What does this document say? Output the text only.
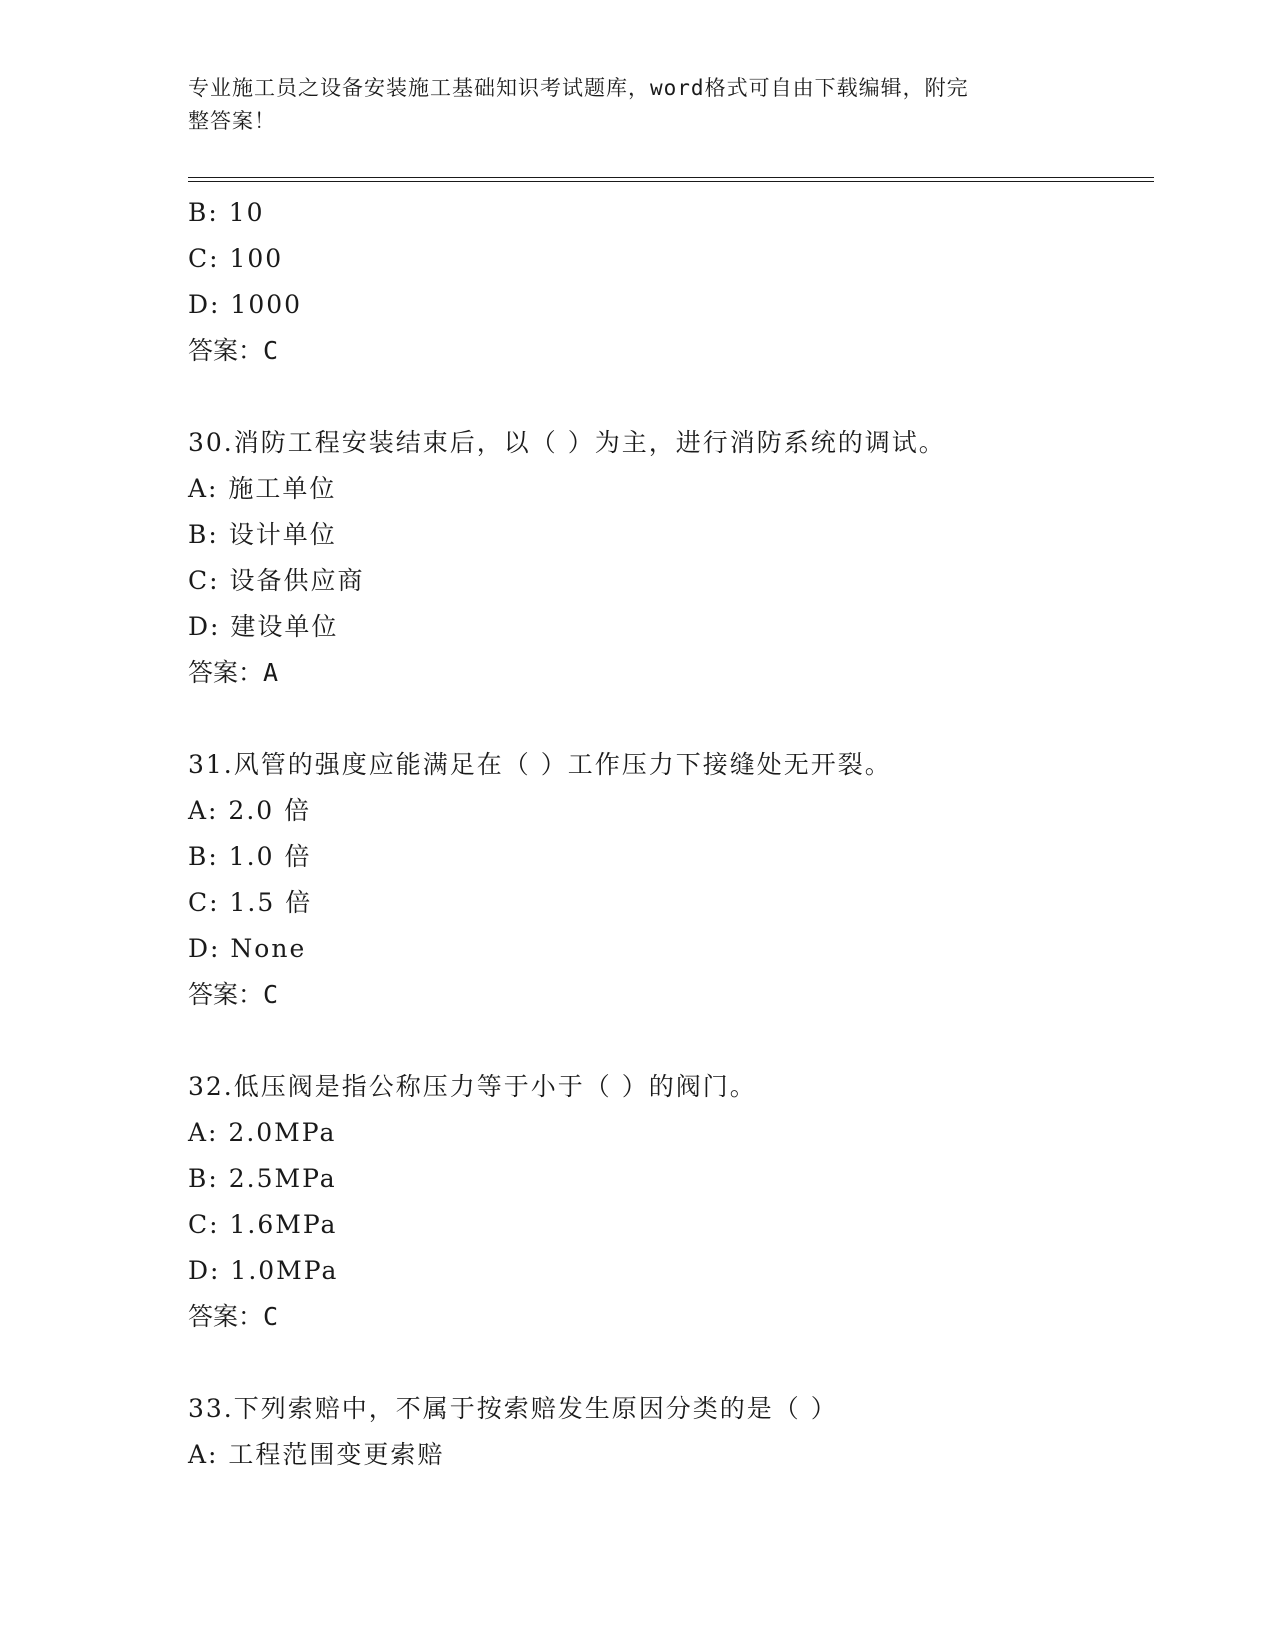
专业施工员之设备安装施工基础知识考试题库，word格式可自由下载编辑，附完
整答案！
B: 10
C: 100
D: 1000
答案：C
30.消防工程安装结束后，以（ ）为主，进行消防系统的调试。
A: 施工单位
B: 设计单位
C: 设备供应商
D: 建设单位
答案：A
31.风管的强度应能满足在（ ）工作压力下接缝处无开裂。
A: 2.0 倍
B: 1.0 倍
C: 1.5 倍
D: None
答案：C
32.低压阀是指公称压力等于小于（ ）的阀门。
A: 2.0MPa
B: 2.5MPa
C: 1.6MPa
D: 1.0MPa
答案：C
33.下列索赔中，不属于按索赔发生原因分类的是（ ）
A: 工程范围变更索赔
